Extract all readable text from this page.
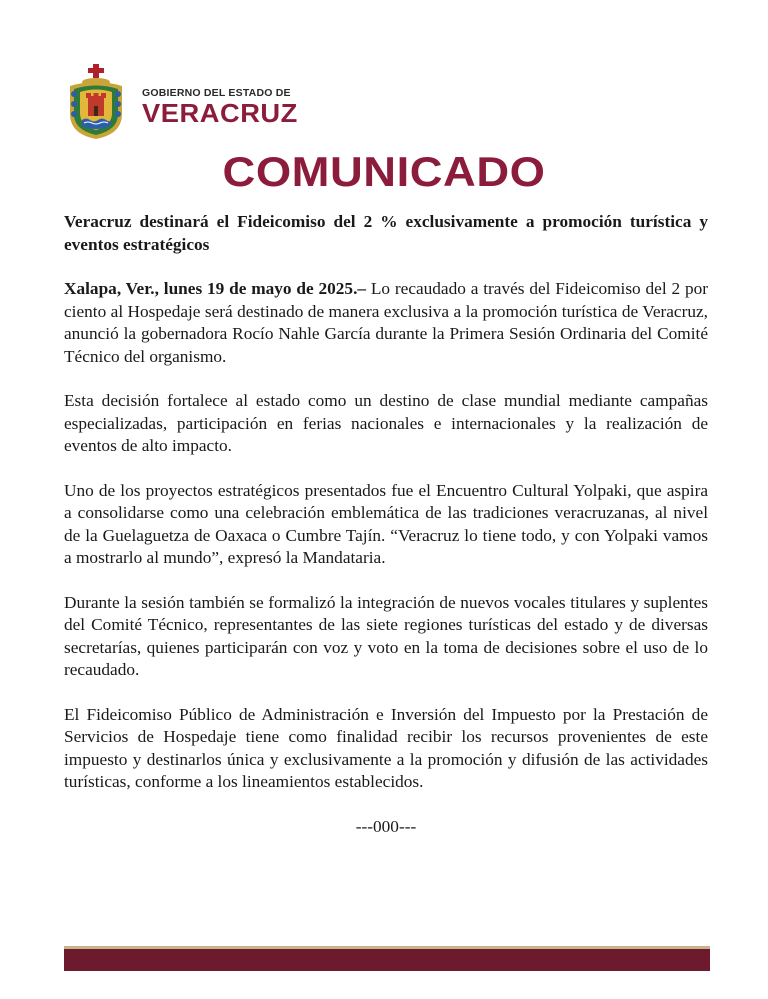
GOBIERNO DEL ESTADO DE
VERACRUZ
COMUNICADO

Veracruz destinará el Fideicomiso del 2 % exclusivamente a promoción turística y eventos estratégicos

Xalapa, Ver., lunes 19 de mayo de 2025.– Lo recaudado a través del Fideicomiso del 2 por ciento al Hospedaje será destinado de manera exclusiva a la promoción turística de Veracruz, anunció la gobernadora Rocío Nahle García durante la Primera Sesión Ordinaria del Comité Técnico del organismo.

Esta decisión fortalece al estado como un destino de clase mundial mediante campañas especializadas, participación en ferias nacionales e internacionales y la realización de eventos de alto impacto.

Uno de los proyectos estratégicos presentados fue el Encuentro Cultural Yolpaki, que aspira a consolidarse como una celebración emblemática de las tradiciones veracruzanas, al nivel de la Guelaguetza de Oaxaca o Cumbre Tajín. “Veracruz lo tiene todo, y con Yolpaki vamos a mostrarlo al mundo”, expresó la Mandataria.

Durante la sesión también se formalizó la integración de nuevos vocales titulares y suplentes del Comité Técnico, representantes de las siete regiones turísticas del estado y de diversas secretarías, quienes participarán con voz y voto en la toma de decisiones sobre el uso de lo recaudado.

El Fideicomiso Público de Administración e Inversión del Impuesto por la Prestación de Servicios de Hospedaje tiene como finalidad recibir los recursos provenientes de este impuesto y destinarlos única y exclusivamente a la promoción y difusión de las actividades turísticas, conforme a los lineamientos establecidos.

---000---
